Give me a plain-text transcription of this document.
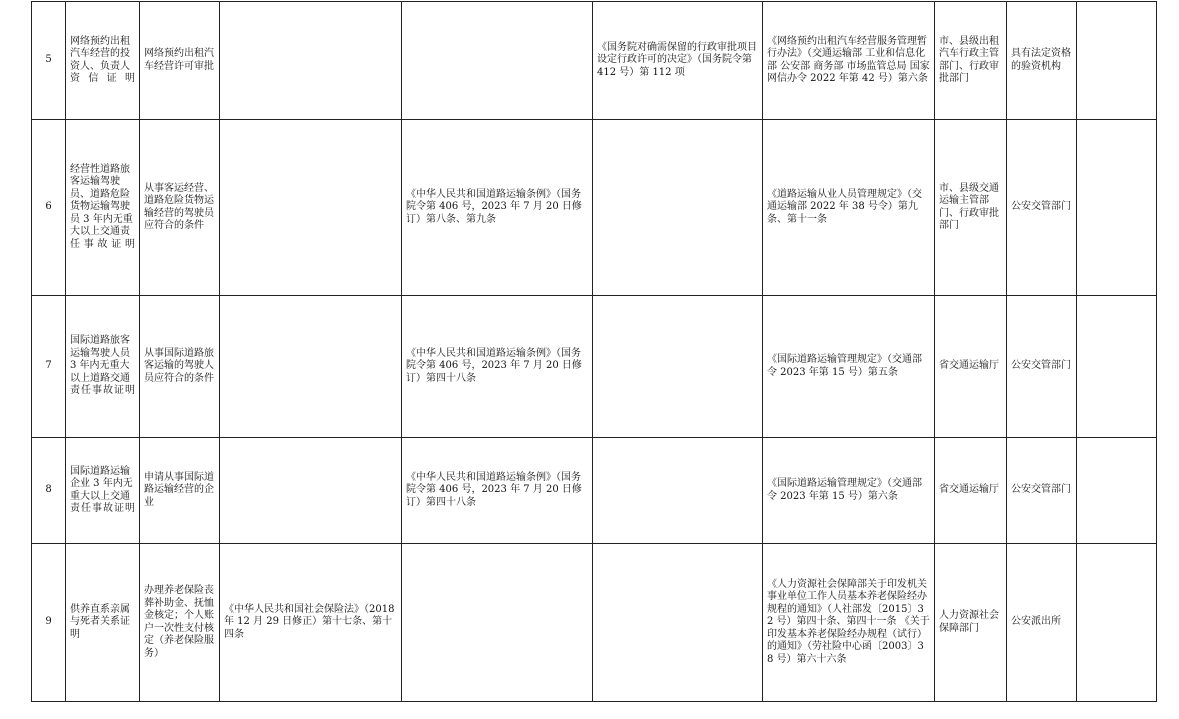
5	网络预约出租汽车经营的投资人、负责人资信证明	网络预约出租汽车经营许可审批			《国务院对确需保留的行政审批项目设定行政许可的决定》（国务院令第 412 号）第 112 项	《网络预约出租汽车经营服务管理暂行办法》（交通运输部 工业和信息化部 公安部 商务部 市场监管总局 国家网信办令 2022 年第 42 号）第六条	市、县级出租汽车行政主管部门、行政审批部门	具有法定资格的验资机构	
6	经营性道路旅客运输驾驶员、道路危险货物运输驾驶员 3 年内无重大以上交通责任事故证明	从事客运经营、道路危险货物运输经营的驾驶员应符合的条件		《中华人民共和国道路运输条例》（国务院令第 406 号，2023 年 7 月 20 日修订）第八条、第九条		《道路运输从业人员管理规定》（交通运输部 2022 年 38 号令）第九条、第十一条	市、县级交通运输主管部门、行政审批部门	公安交管部门	
7	国际道路旅客运输驾驶人员 3 年内无重大以上道路交通责任事故证明	从事国际道路旅客运输的驾驶人员应符合的条件		《中华人民共和国道路运输条例》（国务院令第 406 号，2023 年 7 月 20 日修订）第四十八条		《国际道路运输管理规定》（交通部令 2023 年第 15 号）第五条	省交通运输厅	公安交管部门	
8	国际道路运输企业 3 年内无重大以上交通责任事故证明	申请从事国际道路运输经营的企业		《中华人民共和国道路运输条例》（国务院令第 406 号，2023 年 7 月 20 日修订）第四十八条		《国际道路运输管理规定》（交通部令 2023 年第 15 号）第六条	省交通运输厅	公安交管部门	
9	供养直系亲属与死者关系证明	办理养老保险丧葬补助金、抚恤金核定；个人账户一次性支付核定（养老保险服务）	《中华人民共和国社会保险法》（2018 年 12 月 29 日修正）第十七条、第十四条			《人力资源社会保障部关于印发机关事业单位工作人员基本养老保险经办规程的通知》（人社部发〔2015〕32 号）第四十条、第四十一条 《关于印发基本养老保险经办规程（试行）的通知》（劳社险中心函〔2003〕38 号）第六十六条	人力资源社会保障部门	公安派出所	
